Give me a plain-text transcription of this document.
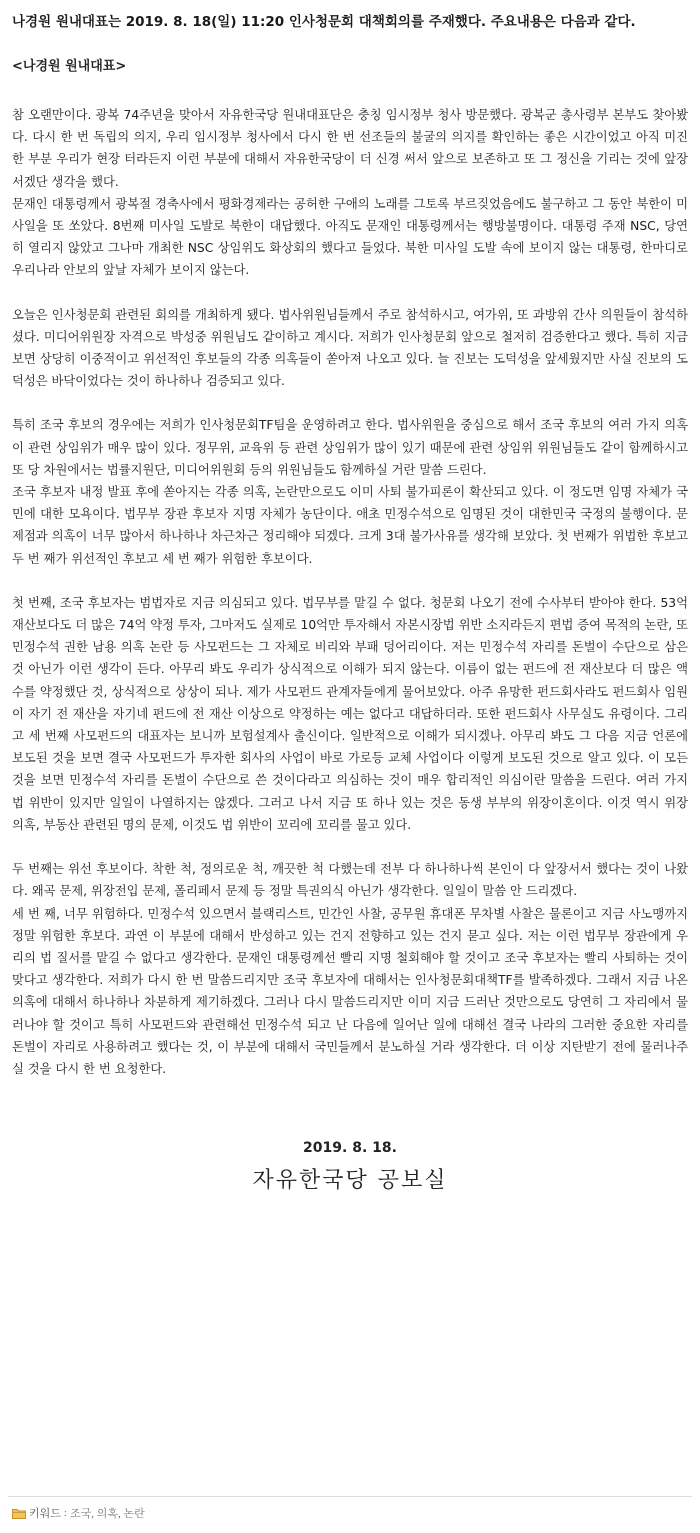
나경원 원내대표는 2019. 8. 18(일) 11:20 인사청문회 대책회의를 주재했다. 주요내용은 다음과 같다.

<나경원 원내대표>

참 오랜만이다. 광복 74주년을 맞아서 자유한국당 원내대표단은 충칭 임시정부 청사 방문했다. 광복군 총사령부 본부도 찾아봤다. 다시 한 번 독립의 의지, 우리 임시정부 청사에서 다시 한 번 선조들의 불굴의 의지를 확인하는 좋은 시간이었고 아직 미진한 부분 우리가 현장 터라든지 이런 부분에 대해서 자유한국당이 더 신경 써서 앞으로 보존하고 또 그 정신을 기리는 것에 앞장서겠단 생각을 했다.

문재인 대통령께서 광복절 경축사에서 평화경제라는 공허한 구애의 노래를 그토록 부르짖었음에도 불구하고 그 동안 북한이 미사일을 또 쏘았다. 8번째 미사일 도발로 북한이 대답했다. 아직도 문재인 대통령께서는 행방불명이다. 대통령 주재 NSC, 당연히 열리지 않았고 그나마 개최한 NSC 상임위도 화상회의 했다고 들었다. 북한 미사일 도발 속에 보이지 않는 대통령, 한마디로 우리나라 안보의 앞날 자체가 보이지 않는다.

오늘은 인사청문회 관련된 회의를 개최하게 됐다. 법사위원님들께서 주로 참석하시고, 여가위, 또 과방위 간사 의원들이 참석하셨다. 미디어위원장 자격으로 박성중 위원님도 같이하고 계시다. 저희가 인사청문회 앞으로 철저히 검증한다고 했다. 특히 지금 보면 상당히 이중적이고 위선적인 후보들의 각종 의혹들이 쏟아져 나오고 있다. 늘 진보는 도덕성을 앞세웠지만 사실 진보의 도덕성은 바닥이었다는 것이 하나하나 검증되고 있다.

특히 조국 후보의 경우에는 저희가 인사청문회TF팀을 운영하려고 한다. 법사위원을 중심으로 해서 조국 후보의 여러 가지 의혹이 관련 상임위가 매우 많이 있다. 정무위, 교육위 등 관련 상임위가 많이 있기 때문에 관련 상임위 위원님들도 같이 함께하시고 또 당 차원에서는 법률지원단, 미디어위원회 등의 위원님들도 함께하실 거란 말씀 드린다.

조국 후보자 내정 발표 후에 쏟아지는 각종 의혹, 논란만으로도 이미 사퇴 불가피론이 확산되고 있다. 이 정도면 임명 자체가 국민에 대한 모욕이다. 법무부 장관 후보자 지명 자체가 농단이다. 애초 민정수석으로 임명된 것이 대한민국 국정의 불행이다. 문제점과 의혹이 너무 많아서 하나하나 차근차근 정리해야 되겠다. 크게 3대 불가사유를 생각해 보았다. 첫 번째가 위법한 후보고 두 번 째가 위선적인 후보고 세 번 째가 위험한 후보이다.

첫 번째, 조국 후보자는 범법자로 지금 의심되고 있다. 법무부를 맡길 수 없다. 청문회 나오기 전에 수사부터 받아야 한다. 53억 재산보다도 더 많은 74억 약정 투자, 그마저도 실제로 10억만 투자해서 자본시장법 위반 소지라든지 편법 증여 목적의 논란, 또 민정수석 권한 남용 의혹 논란 등 사모펀드는 그 자체로 비리와 부패 덩어리이다. 저는 민정수석 자리를 돈벌이 수단으로 삼은 것 아닌가 이런 생각이 든다. 아무리 봐도 우리가 상식적으로 이해가 되지 않는다. 이름이 없는 펀드에 전 재산보다 더 많은 액수를 약정했단 것, 상식적으로 상상이 되나. 제가 사모펀드 관계자들에게 물어보았다. 아주 유망한 펀드회사라도 펀드회사 임원이 자기 전 재산을 자기네 펀드에 전 재산 이상으로 약정하는 예는 없다고 대답하더라. 또한 펀드회사 사무실도 유령이다. 그리고 세 번째 사모펀드의 대표자는 보니까 보험설계사 출신이다. 일반적으로 이해가 되시겠나. 아무리 봐도 그 다음 지금 언론에 보도된 것을 보면 결국 사모펀드가 투자한 회사의 사업이 바로 가로등 교체 사업이다 이렇게 보도된 것으로 알고 있다. 이 모든 것을 보면 민정수석 자리를 돈벌이 수단으로 쓴 것이다라고 의심하는 것이 매우 합리적인 의심이란 말씀을 드린다. 여러 가지 법 위반이 있지만 일일이 나열하지는 않겠다. 그러고 나서 지금 또 하나 있는 것은 동생 부부의 위장이혼이다. 이것 역시 위장 의혹, 부동산 관련된 명의 문제, 이것도 법 위반이 꼬리에 꼬리를 물고 있다.

두 번째는 위선 후보이다. 착한 척, 정의로운 척, 깨끗한 척 다했는데 전부 다 하나하나씩 본인이 다 앞장서서 했다는 것이 나왔다. 왜곡 문제, 위장전입 문제, 폴리페서 문제 등 정말 특권의식 아닌가 생각한다. 일일이 말씀 안 드리겠다.

세 번 째, 너무 위험하다. 민정수석 있으면서 블랙리스트, 민간인 사찰, 공무원 휴대폰 무차별 사찰은 물론이고 지금 사노맹까지 정말 위험한 후보다. 과연 이 부분에 대해서 반성하고 있는 건지 전향하고 있는 건지 묻고 싶다. 저는 이런 법무부 장관에게 우리의 법 질서를 맡길 수 없다고 생각한다. 문재인 대통령께선 빨리 지명 철회해야 할 것이고 조국 후보자는 빨리 사퇴하는 것이 맞다고 생각한다. 저희가 다시 한 번 말씀드리지만 조국 후보자에 대해서는 인사청문회대책TF를 발족하겠다. 그래서 지금 나온 의혹에 대해서 하나하나 차분하게 제기하겠다. 그러나 다시 말씀드리지만 이미 지금 드러난 것만으로도 당연히 그 자리에서 물러나야 할 것이고 특히 사모펀드와 관련해선 민정수석 되고 난 다음에 일어난 일에 대해선 결국 나라의 그러한 중요한 자리를 돈벌이 자리로 사용하려고 했다는 것, 이 부분에 대해서 국민들께서 분노하실 거라 생각한다. 더 이상 지탄받기 전에 물러나주실 것을 다시 한 번 요청한다.

2019. 8. 18.
자유한국당 공보실
키워드 : 조국, 의혹, 논란
